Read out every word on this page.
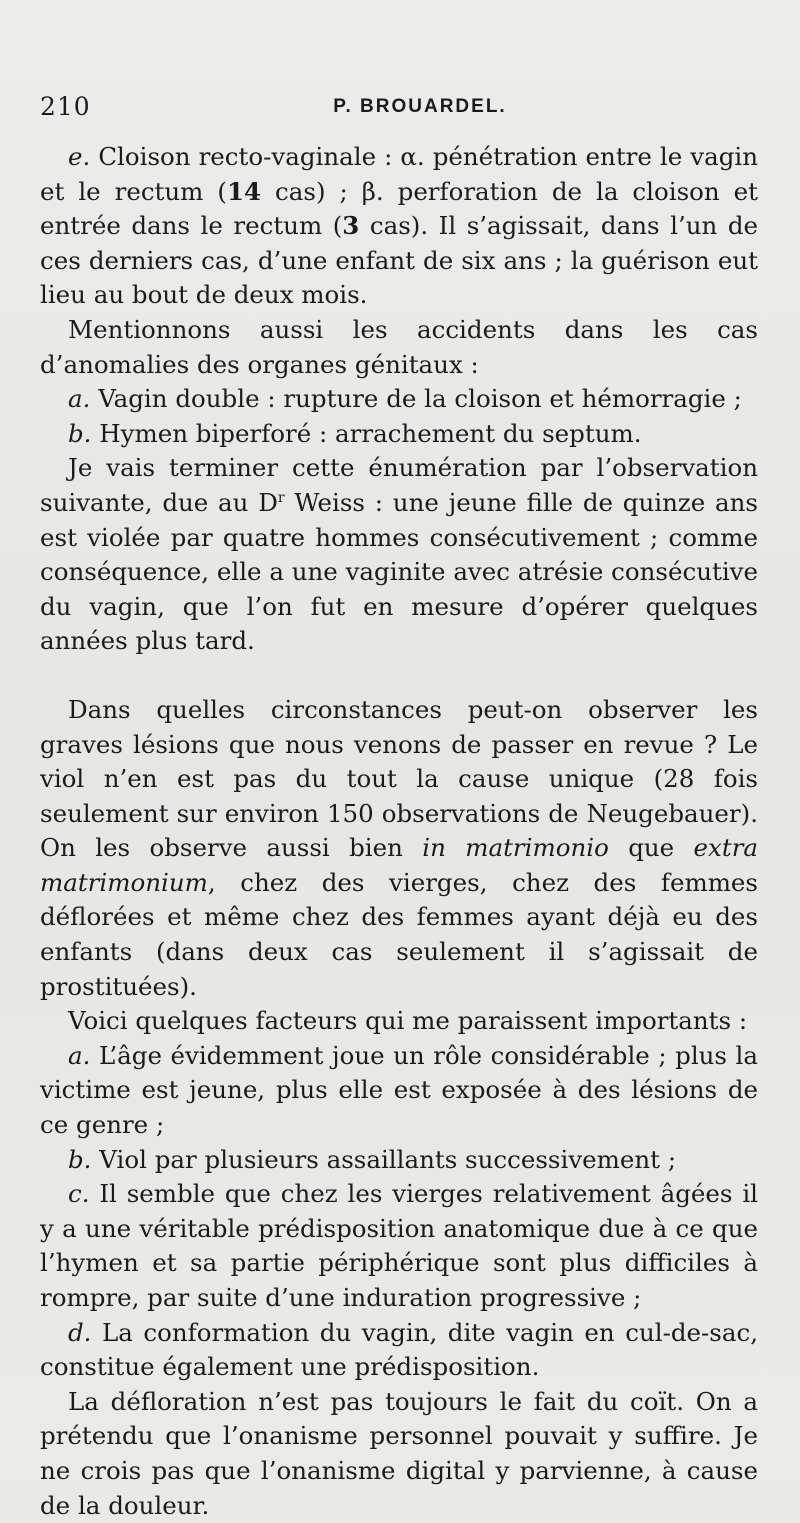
210	P. BROUARDEL.

e. Cloison recto-vaginale : α. pénétration entre le vagin et le rectum (14 cas) ; β. perforation de la cloison et entrée dans le rectum (3 cas). Il s’agissait, dans l’un de ces derniers cas, d’une enfant de six ans ; la guérison eut lieu au bout de deux mois.

Mentionnons aussi les accidents dans les cas d’anomalies des organes génitaux :

a. Vagin double : rupture de la cloison et hémorragie ;

b. Hymen biperforé : arrachement du septum.

Je vais terminer cette énumération par l’observation suivante, due au $D^r$ Weiss : une jeune fille de quinze ans est violée par quatre hommes consécutivement ; comme conséquence, elle a une vaginite avec atrésie consécutive du vagin, que l’on fut en mesure d’opérer quelques années plus tard.

Dans quelles circonstances peut-on observer les graves lésions que nous venons de passer en revue ? Le viol n’en est pas du tout la cause unique (28 fois seulement sur environ 150 observations de Neugebauer). On les observe aussi bien in matrimonio que extra matrimonium, chez des vierges, chez des femmes déflorées et même chez des femmes ayant déjà eu des enfants (dans deux cas seulement il s’agissait de prostituées).

Voici quelques facteurs qui me paraissent importants :

a. L’âge évidemment joue un rôle considérable ; plus la victime est jeune, plus elle est exposée à des lésions de ce genre ;

b. Viol par plusieurs assaillants successivement ;

c. Il semble que chez les vierges relativement âgées il y a une véritable prédisposition anatomique due à ce que l’hymen et sa partie périphérique sont plus difficiles à rompre, par suite d’une induration progressive ;

d. La conformation du vagin, dite vagin en cul-de-sac, constitue également une prédisposition.

La défloration n’est pas toujours le fait du coït. On a prétendu que l’onanisme personnel pouvait y suffire. Je ne crois pas que l’onanisme digital y parvienne, à cause de la douleur.
